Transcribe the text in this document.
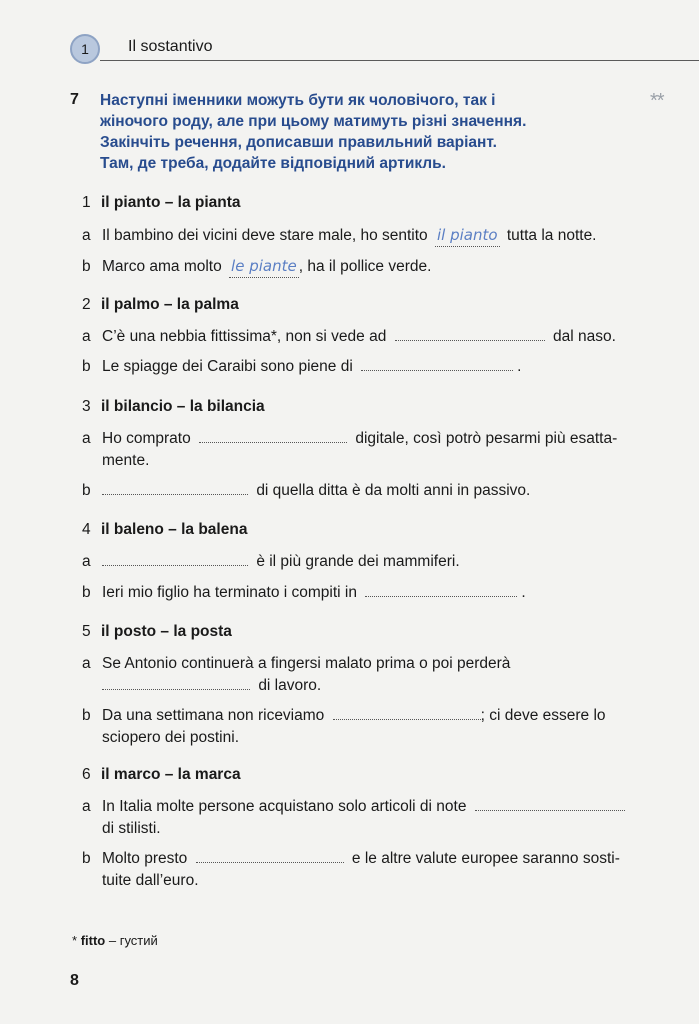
1 Il sostantivo
7	**
Наступні іменники можуть бути як чоловічого, так і
жіночого роду, але при цьому матимуть різні значення.
Закінчіть речення, дописавши правильний варіант.
Там, де треба, додайте відповідний артикль.
1 il pianto – la pianta
a Il bambino dei vicini deve stare male, ho sentito il pianto tutta la notte.
b Marco ama molto le piante , ha il pollice verde.
2 il palmo – la palma
a C’è una nebbia fittissima*, non si vede ad	dal naso.
b Le spiagge dei Caraibi sono piene di	.
3 il bilancio – la bilancia
a Ho comprato	digitale, così potrò pesarmi più esatta-
mente.
b	di quella ditta è da molti anni in passivo.
4 il baleno – la balena
a	è il più grande dei mammiferi.
b Ieri mio figlio ha terminato i compiti in	.
5 il posto – la posta
a Se Antonio continuerà a fingersi malato prima o poi perderà
di lavoro.
b Da una settimana non riceviamo	; ci deve essere lo
sciopero dei postini.
6 il marco – la marca
a In Italia molte persone acquistano solo articoli di note
di stilisti.
b Molto presto	e le altre valute europee saranno sosti-
tuite dall’euro.
* fitto – густий
8
